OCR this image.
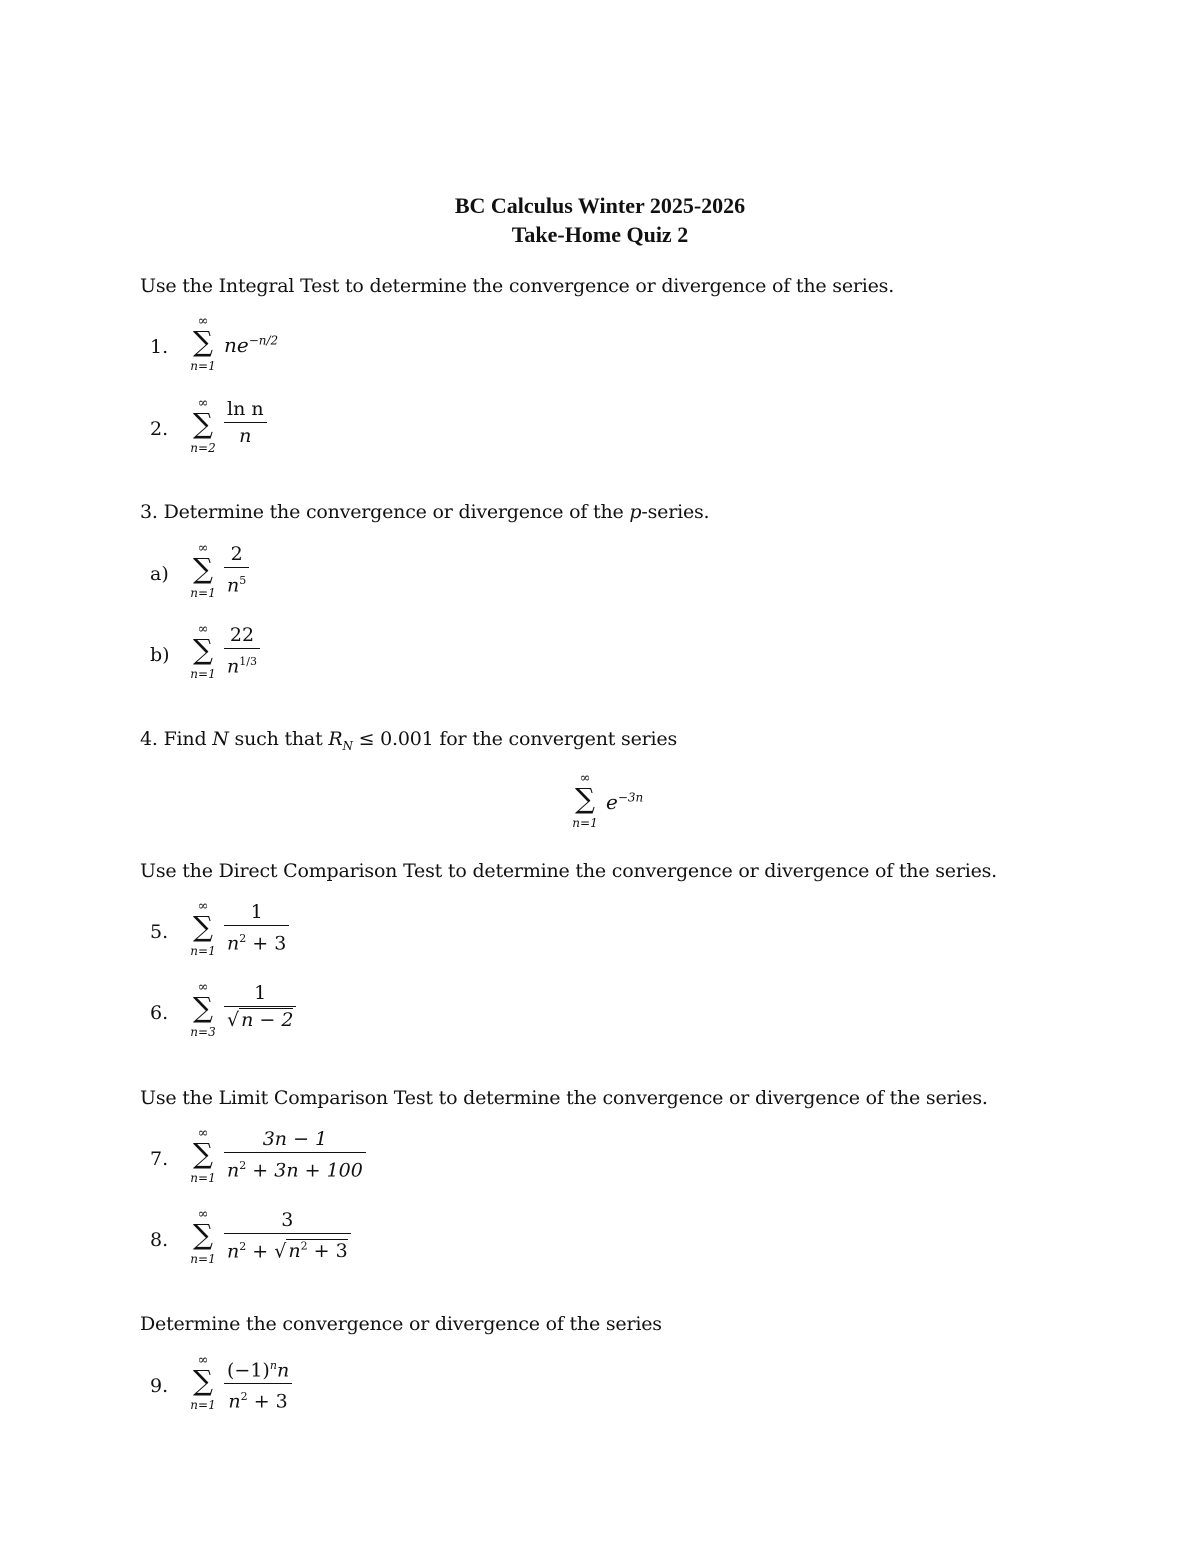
BC Calculus Winter 2025-2026
Take-Home Quiz 2
Use the Integral Test to determine the convergence or divergence of the series.
1.
∞
∑
n=1
$ne^{-n/2}$
2.
∞
∑
n=2
ln n
n
3. Determine the convergence or divergence of the p-series.
a)
∞
∑
n=1
2
$n^5$
b)
∞
∑
n=1
22
$n^{1/3}$
4. Find N such that $R_N \le 0.001$ for the convergent series
∞
∑
n=1
$e^{-3n}$
Use the Direct Comparison Test to determine the convergence or divergence of the series.
5.
∞
∑
n=1
1
$n^2 + 3$
6.
∞
∑
n=3
1
√ n − 2
Use the Limit Comparison Test to determine the convergence or divergence of the series.
7.
∞
∑
n=1
3n − 1
$n^2 + 3n + 100$
8.
∞
∑
n=1
3
$n^2$ + √ $n^2 + 3$
Determine the convergence or divergence of the series
9.
∞
∑
n=1
$(-1)^nn$
$n^2 + 3$
